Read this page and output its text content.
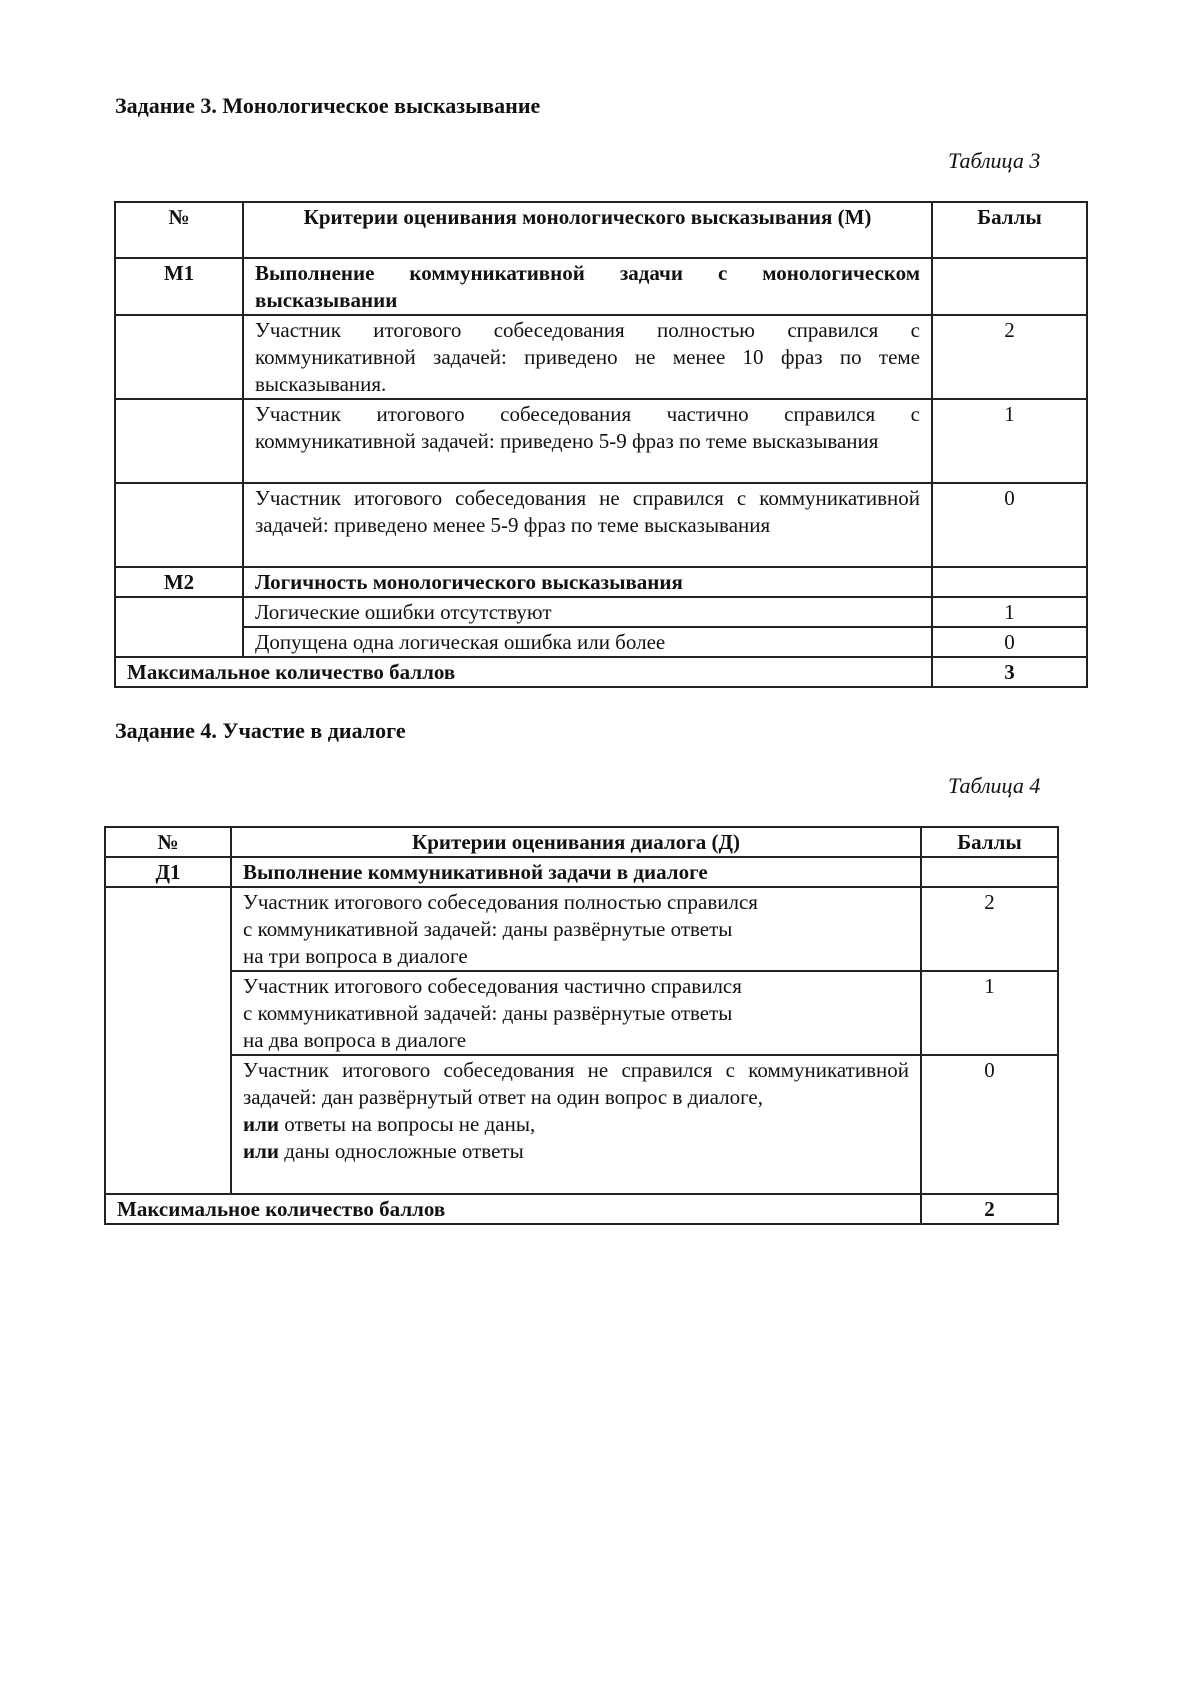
Задание 3. Монологическое высказывание
Таблица 3
№	Критерии оценивания монологического высказывания (М)	Баллы
М1	Выполнение коммуникативной задачи с монологическом высказывании	
	Участник итогового собеседования полностью справился с коммуникативной задачей: приведено не менее 10 фраз по теме высказывания.	2
	Участник итогового собеседования частично справился с коммуникативной задачей: приведено 5-9 фраз по теме высказывания	1
	Участник итогового собеседования не справился с коммуникативной задачей: приведено менее 5-9 фраз по теме высказывания	0
М2	Логичность монологического высказывания	
	Логические ошибки отсутствуют	1
	Допущена одна логическая ошибка или более	0
Максимальное количество баллов		3
Задание 4. Участие в диалоге
Таблица 4
№	Критерии оценивания диалога (Д)	Баллы
Д1	Выполнение коммуникативной задачи в диалоге	

	Участник итогового собеседования полностью справился
с коммуникативной задачей: даны развёрнутые ответы
на три вопроса в диалоге	2

	Участник итогового собеседования частично справился
с коммуникативной задачей: даны развёрнутые ответы
на два вопроса в диалоге	1

	Участник итогового собеседования не справился с коммуникативной задачей: дан развёрнутый ответ на один вопрос в диалоге,
или ответы на вопросы не даны,
или даны односложные ответы	0
Максимальное количество баллов		2
